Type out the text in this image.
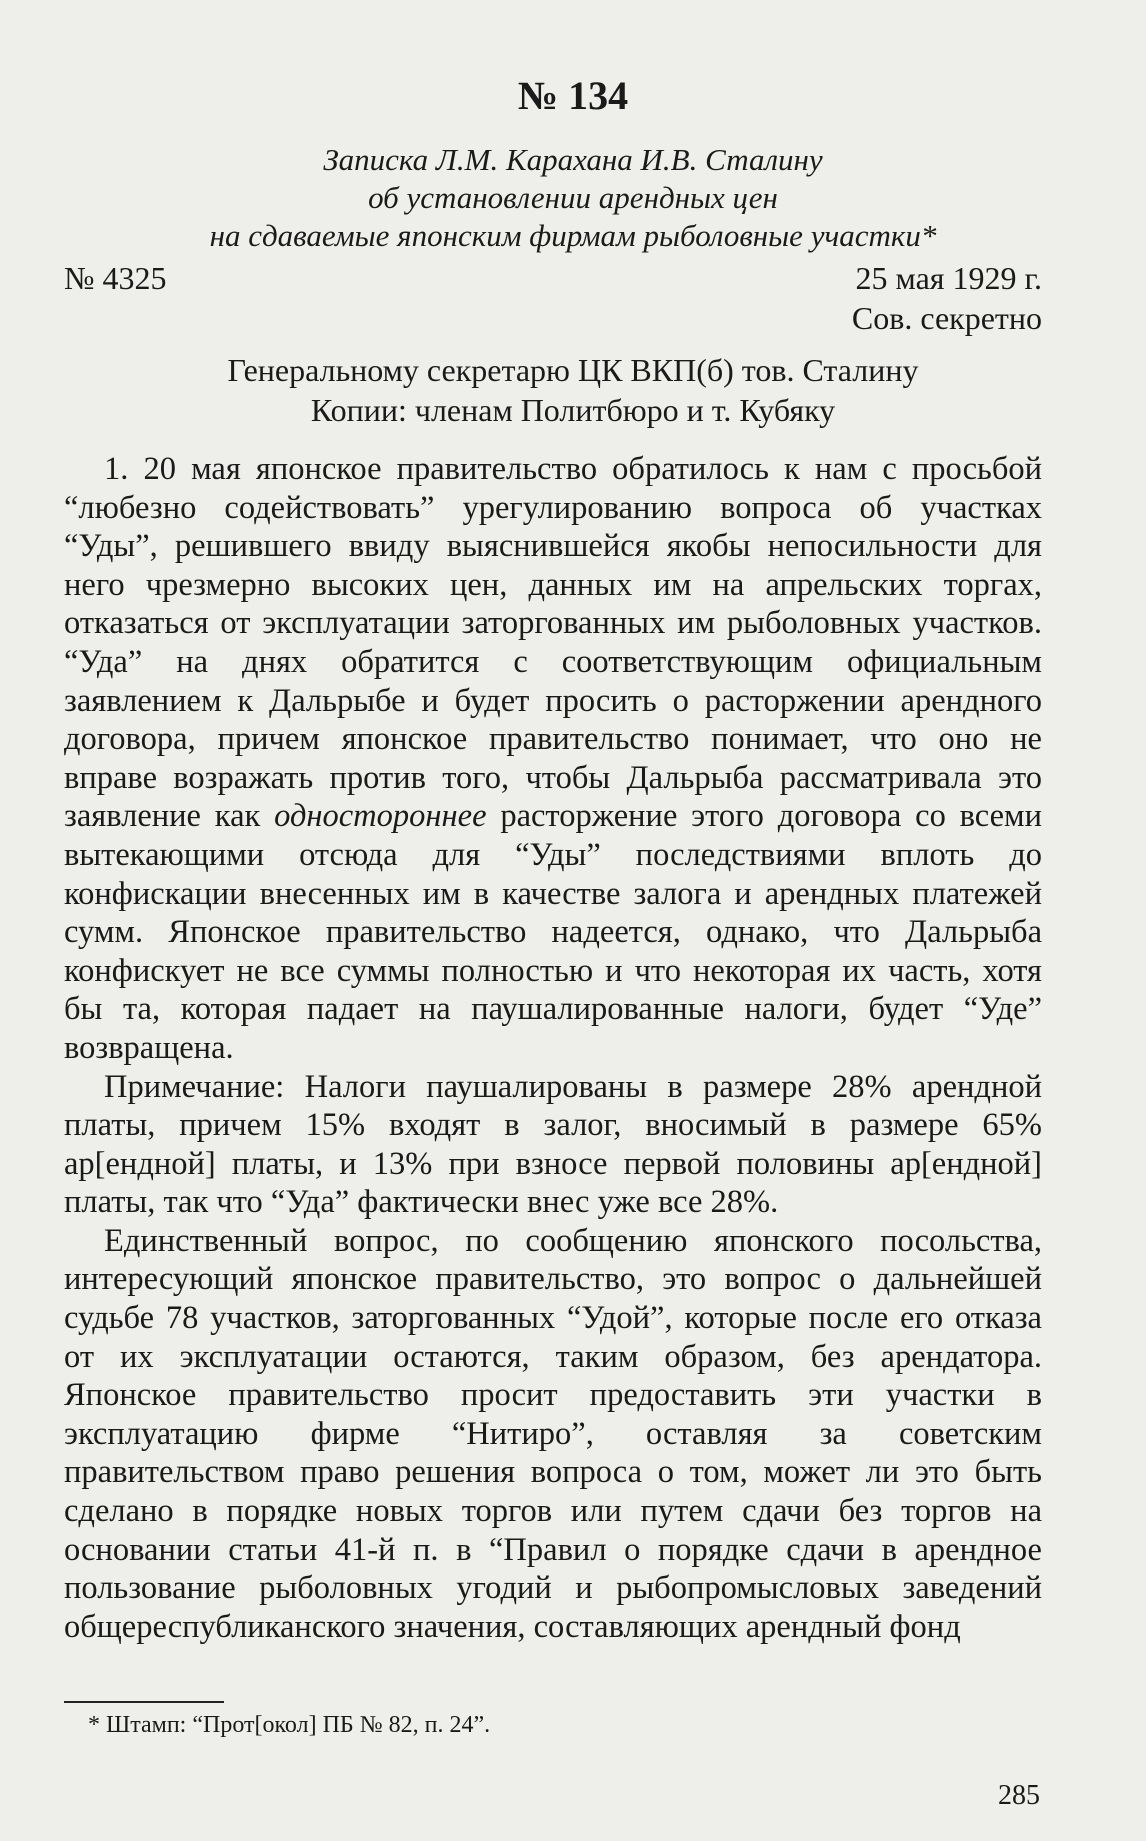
№ 134
Записка Л.М. Карахана И.В. Сталину
об установлении арендных цен
на сдаваемые японским фирмам рыболовные участки*
№ 4325	25 мая 1929 г.
Сов. секретно
Генеральному секретарю ЦК ВКП(б) тов. Сталину
Копии: членам Политбюро и т. Кубяку

1. 20 мая японское правительство обратилось к нам с просьбой “любезно содействовать” урегулированию вопроса об участках “Уды”, решившего ввиду выяснившейся якобы непосильности для него чрезмерно высоких цен, данных им на апрельских торгах, отказаться от эксплуатации заторгованных им рыболовных участков. “Уда” на днях обратится с соответствующим официальным заявлением к Дальрыбе и будет просить о расторжении арендного договора, причем японское правительство понимает, что оно не вправе возражать против того, чтобы Дальрыба рассматривала это заявление как одностороннее расторжение этого договора со всеми вытекающими отсюда для “Уды” последствиями вплоть до конфискации внесенных им в качестве залога и арендных платежей сумм. Японское правительство надеется, однако, что Дальрыба конфискует не все суммы полностью и что некоторая их часть, хотя бы та, которая падает на паушалированные налоги, будет “Уде” возвращена.

Примечание: Налоги паушалированы в размере 28% арендной платы, причем 15% входят в залог, вносимый в размере 65% ар[ендной] платы, и 13% при взносе первой половины ар[ендной] платы, так что “Уда” фактически внес уже все 28%.

Единственный вопрос, по сообщению японского посольства, интересующий японское правительство, это вопрос о дальнейшей судьбе 78 участков, заторгованных “Удой”, которые после его отказа от их эксплуатации остаются, таким образом, без арендатора. Японское правительство просит предоставить эти участки в эксплуатацию фирме “Нитиро”, оставляя за советским правительством право решения вопроса о том, может ли это быть сделано в порядке новых торгов или путем сдачи без торгов на основании статьи 41-й п. в “Правил о порядке сдачи в арендное пользование рыболовных угодий и рыбопромысловых заведений общереспубликанского значения, составляющих арендный фонд

* Штамп: “Прот[окол] ПБ № 82, п. 24”.
285
